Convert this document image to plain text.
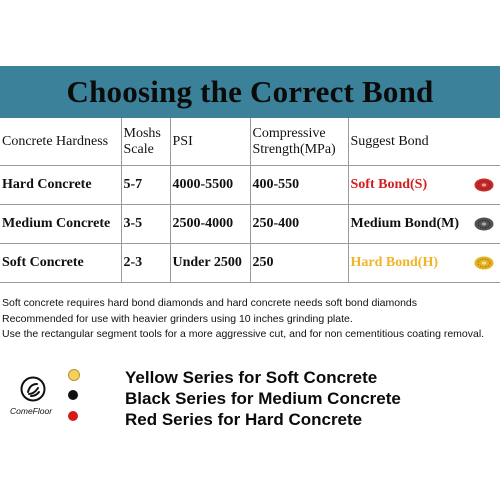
Choosing the Correct Bond
Concrete Hardness	Moshs Scale	PSI	Compressive Strength(MPa)	Suggest Bond
Hard Concrete	5-7	4000-5500	400-550	Soft Bond(S)

Medium Concrete	3-5	2500-4000	250-400	Medium Bond(M)

Soft Concrete	2-3	Under 2500	250	Hard Bond(H)
Soft concrete requires hard bond diamonds and hard concrete needs soft bond diamonds
Recommended for use with heavier grinders using 10 inches grinding plate.
Use the rectangular segment tools for a more aggressive cut, and for non cementitious coating removal.
ComeFloor
Yellow Series for Soft Concrete
Black Series for Medium Concrete
Red Series for Hard Concrete
